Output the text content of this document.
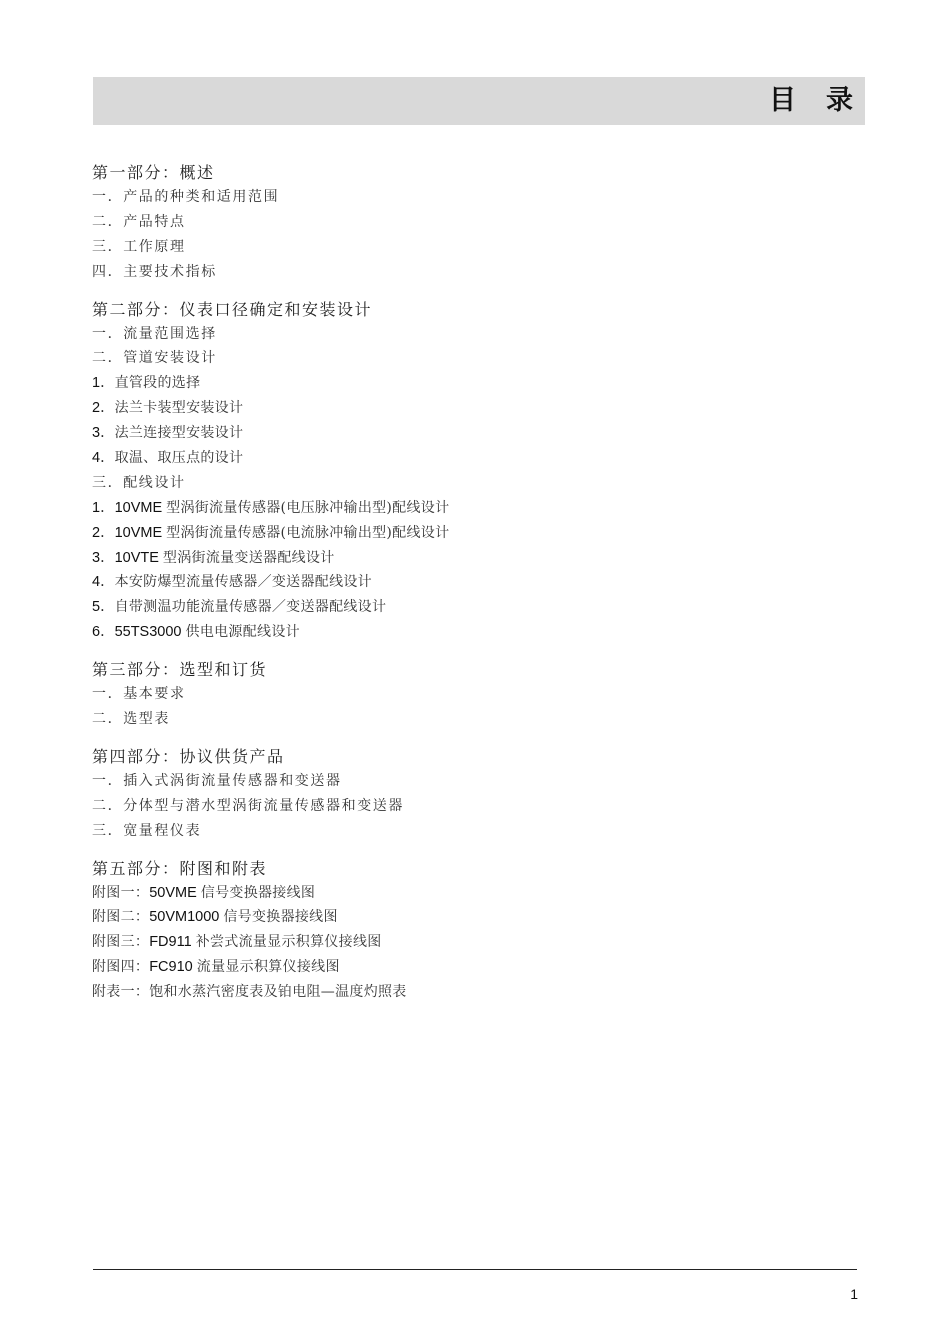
目录
第一部分：概述
一．产品的种类和适用范围
二．产品特点
三．工作原理
四．主要技术指标
第二部分：仪表口径确定和安装设计
一．流量范围选择
二．管道安装设计
1．直管段的选择
2．法兰卡装型安装设计
3．法兰连接型安装设计
4．取温、取压点的设计
三．配线设计
1．10VME 型涡街流量传感器(电压脉冲输出型)配线设计
2．10VME 型涡街流量传感器(电流脉冲输出型)配线设计
3．10VTE 型涡街流量变送器配线设计
4．本安防爆型流量传感器／变送器配线设计
5．自带测温功能流量传感器／变送器配线设计
6．55TS3000 供电电源配线设计
第三部分：选型和订货
一．基本要求
二．选型表
第四部分：协议供货产品
一．插入式涡街流量传感器和变送器
二．分体型与潜水型涡街流量传感器和变送器
三．宽量程仪表
第五部分：附图和附表
附图一：50VME 信号变换器接线图
附图二：50VM1000 信号变换器接线图
附图三：FD911 补尝式流量显示积算仪接线图
附图四：FC910 流量显示积算仪接线图
附表一：饱和水蒸汽密度表及铂电阻—温度灼照表
1
